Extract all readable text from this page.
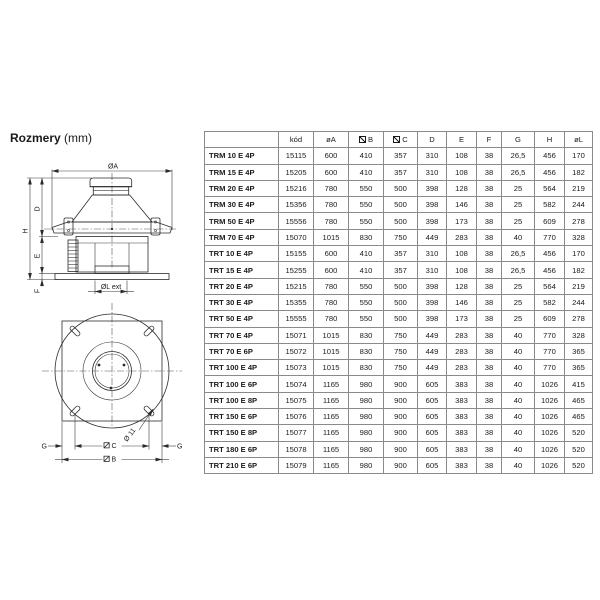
Rozmery (mm)
ØA
H
D
E
F	ØL ext
Ø 11
G	G
C
B
	kód	øA	B	C	D	E	F	G	H	øL
TRM 10 E 4P	15115	600	410	357	310	108	38	26,5	456	170
TRM 15 E 4P	15205	600	410	357	310	108	38	26,5	456	182
TRM 20 E 4P	15216	780	550	500	398	128	38	25	564	219
TRM 30 E 4P	15356	780	550	500	398	146	38	25	582	244
TRM 50 E 4P	15556	780	550	500	398	173	38	25	609	278
TRM 70 E 4P	15070	1015	830	750	449	283	38	40	770	328
TRT 10 E 4P	15155	600	410	357	310	108	38	26,5	456	170
TRT 15 E 4P	15255	600	410	357	310	108	38	26,5	456	182
TRT 20 E 4P	15215	780	550	500	398	128	38	25	564	219
TRT 30 E 4P	15355	780	550	500	398	146	38	25	582	244
TRT 50 E 4P	15555	780	550	500	398	173	38	25	609	278
TRT 70 E 4P	15071	1015	830	750	449	283	38	40	770	328
TRT 70 E 6P	15072	1015	830	750	449	283	38	40	770	365
TRT 100 E 4P	15073	1015	830	750	449	283	38	40	770	365
TRT 100 E 6P	15074	1165	980	900	605	383	38	40	1026	415
TRT 100 E 8P	15075	1165	980	900	605	383	38	40	1026	465
TRT 150 E 6P	15076	1165	980	900	605	383	38	40	1026	465
TRT 150 E 8P	15077	1165	980	900	605	383	38	40	1026	520
TRT 180 E 6P	15078	1165	980	900	605	383	38	40	1026	520
TRT 210 E 6P	15079	1165	980	900	605	383	38	40	1026	520
